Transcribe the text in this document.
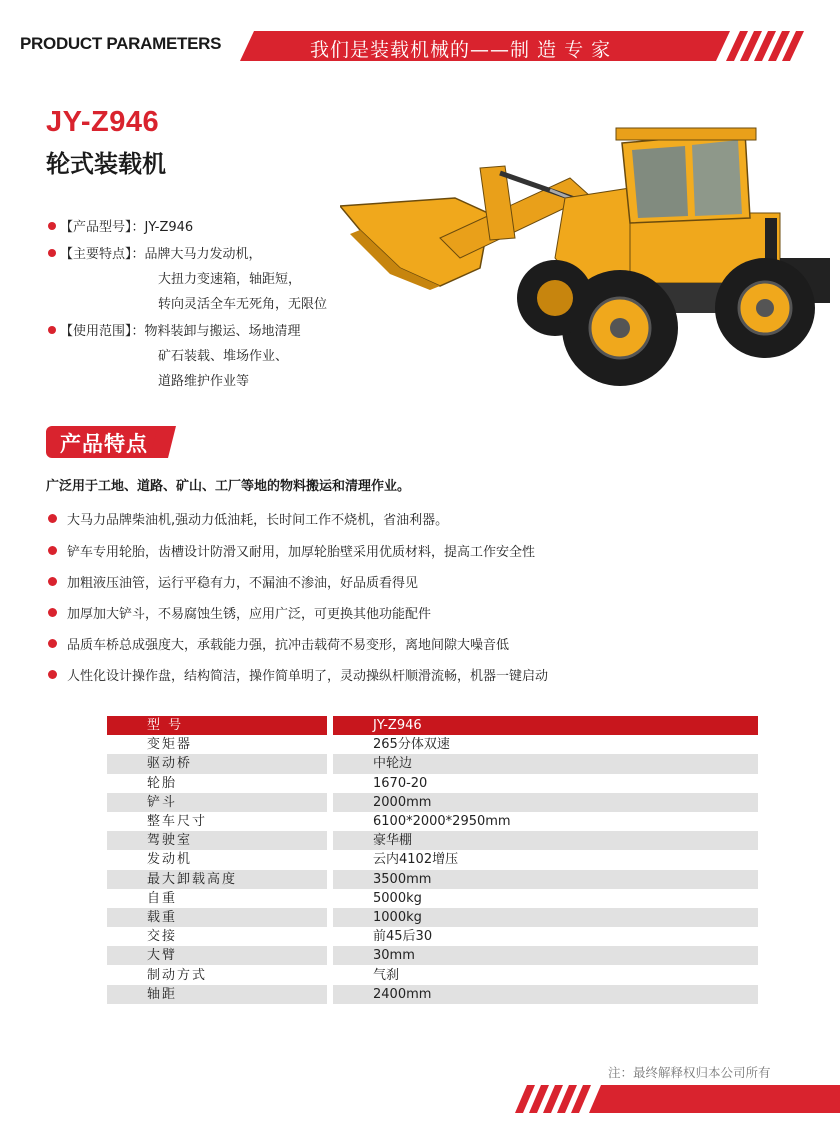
PRODUCT PARAMETERS	我们是装载机械的——制 造 专 家
JY-Z946
轮式装载机
【产品型号】：JY-Z946
【主要特点】：品牌大马力发动机，
大扭力变速箱，轴距短，
转向灵活全车无死角，无限位
【使用范围】：物料装卸与搬运、场地清理
矿石装载、堆场作业、
道路维护作业等
产品特点
广泛用于工地、道路、矿山、工厂等地的物料搬运和清理作业。
大马力品牌柴油机,强动力低油耗，长时间工作不烧机，省油利器。
铲车专用轮胎，齿槽设计防滑又耐用，加厚轮胎壁采用优质材料，提高工作安全性
加粗液压油管，运行平稳有力，不漏油不渗油，好品质看得见
加厚加大铲斗，不易腐蚀生锈，应用广泛，可更换其他功能配件
品质车桥总成强度大，承载能力强，抗冲击载荷不易变形，离地间隙大噪音低
人性化设计操作盘，结构简洁，操作简单明了，灵动操纵杆顺滑流畅，机器一键启动
型 号	JY-Z946
变矩器	265分体双速
驱动桥	中轮边
轮胎	1670-20
铲斗	2000mm
整车尺寸	6100*2000*2950mm
驾驶室	豪华棚
发动机	云内4102增压
最大卸载高度	3500mm
自重	5000kg
载重	1000kg
交接	前45后30
大臂	30mm
制动方式	气刹
轴距	2400mm

注：最终解释权归本公司所有
